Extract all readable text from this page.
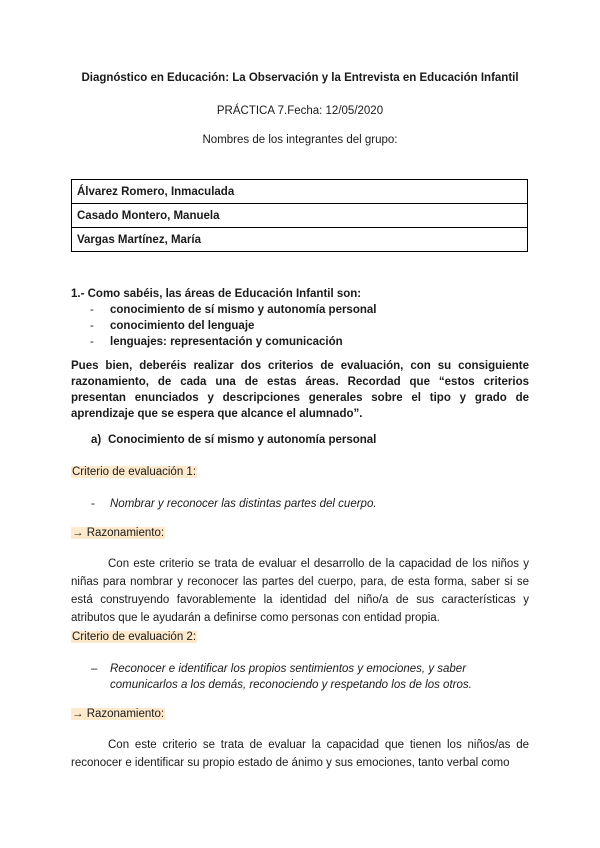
Diagnóstico en Educación: La Observación y la Entrevista en Educación Infantil
PRÁCTICA 7.Fecha: 12/05/2020
Nombres de los integrantes del grupo:
Álvarez Romero, Inmaculada
Casado Montero, Manuela
Vargas Martínez, María
1.- Como sabéis, las áreas de Educación Infantil son:
- conocimiento de sí mismo y autonomía personal
- conocimiento del lenguaje
- lenguajes: representación y comunicación
Pues bien, deberéis realizar dos criterios de evaluación, con su consiguiente razonamiento, de cada una de estas áreas. Recordad que “estos criterios presentan enunciados y descripciones generales sobre el tipo y grado de aprendizaje que se espera que alcance el alumnado”.
a) Conocimiento de sí mismo y autonomía personal
Criterio de evaluación 1:
-	Nombrar y reconocer las distintas partes del cuerpo.
→ Razonamiento:
Con este criterio se trata de evaluar el desarrollo de la capacidad de los niños y niñas para nombrar y reconocer las partes del cuerpo, para, de esta forma, saber si se está construyendo favorablemente la identidad del niño/a de sus características y atributos que le ayudarán a definirse como personas con entidad propia.
Criterio de evaluación 2:
–	Reconocer e identificar los propios sentimientos y emociones, y saber comunicarlos a los demás, reconociendo y respetando los de los otros.
→ Razonamiento:
Con este criterio se trata de evaluar la capacidad que tienen los niños/as de reconocer e identificar su propio estado de ánimo y sus emociones, tanto verbal como
